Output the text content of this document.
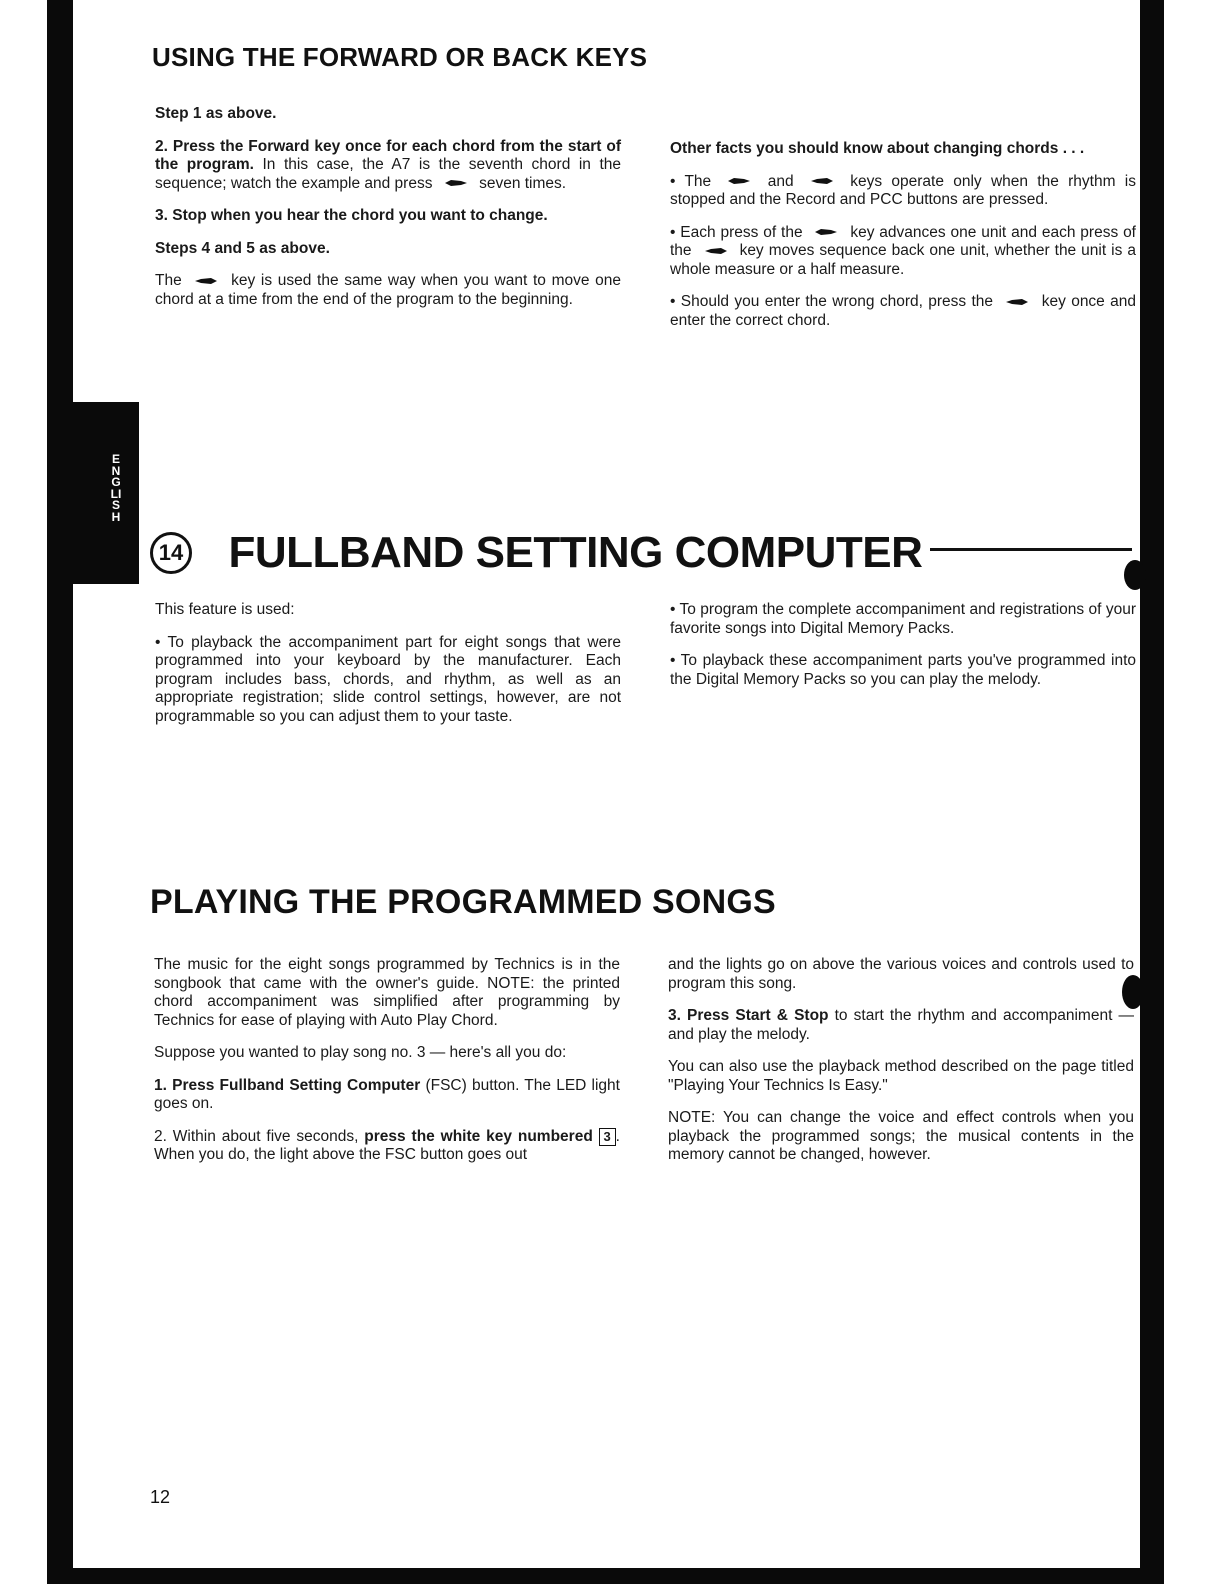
ENGLISH
USING THE FORWARD OR BACK KEYS

Step 1 as above.

2. Press the Forward key once for each chord from the start of the program. In this case, the A7 is the seventh chord in the sequence; watch the example and press  seven times.

3. Stop when you hear the chord you want to change.

Steps 4 and 5 as above.

The  key is used the same way when you want to move one chord at a time from the end of the program to the beginning.

Other facts you should know about changing chords . . .

• The  and  keys operate only when the rhythm is stopped and the Record and PCC buttons are pressed.

• Each press of the  key advances one unit and each press of the  key moves sequence back one unit, whether the unit is a whole measure or a half measure.

• Should you enter the wrong chord, press the  key once and enter the correct chord.

14 FULLBAND SETTING COMPUTER

This feature is used:

• To playback the accompaniment part for eight songs that were programmed into your keyboard by the manufacturer. Each program includes bass, chords, and rhythm, as well as an appropriate registration; slide control settings, however, are not programmable so you can adjust them to your taste.

• To program the complete accompaniment and registrations of your favorite songs into Digital Memory Packs.

• To playback these accompaniment parts you've programmed into the Digital Memory Packs so you can play the melody.

PLAYING THE PROGRAMMED SONGS

The music for the eight songs programmed by Technics is in the songbook that came with the owner's guide. NOTE: the printed chord accompaniment was simplified after programming by Technics for ease of playing with Auto Play Chord.

Suppose you wanted to play song no. 3 — here's all you do:

1. Press Fullband Setting Computer (FSC) button. The LED light goes on.

2. Within about five seconds, press the white key numbered 3 . When you do, the light above the FSC button goes out

and the lights go on above the various voices and controls used to program this song.

3. Press Start & Stop to start the rhythm and accompaniment — and play the melody.

You can also use the playback method described on the page titled "Playing Your Technics Is Easy."

NOTE: You can change the voice and effect controls when you playback the programmed songs; the musical contents in the memory cannot be changed, however.

12
